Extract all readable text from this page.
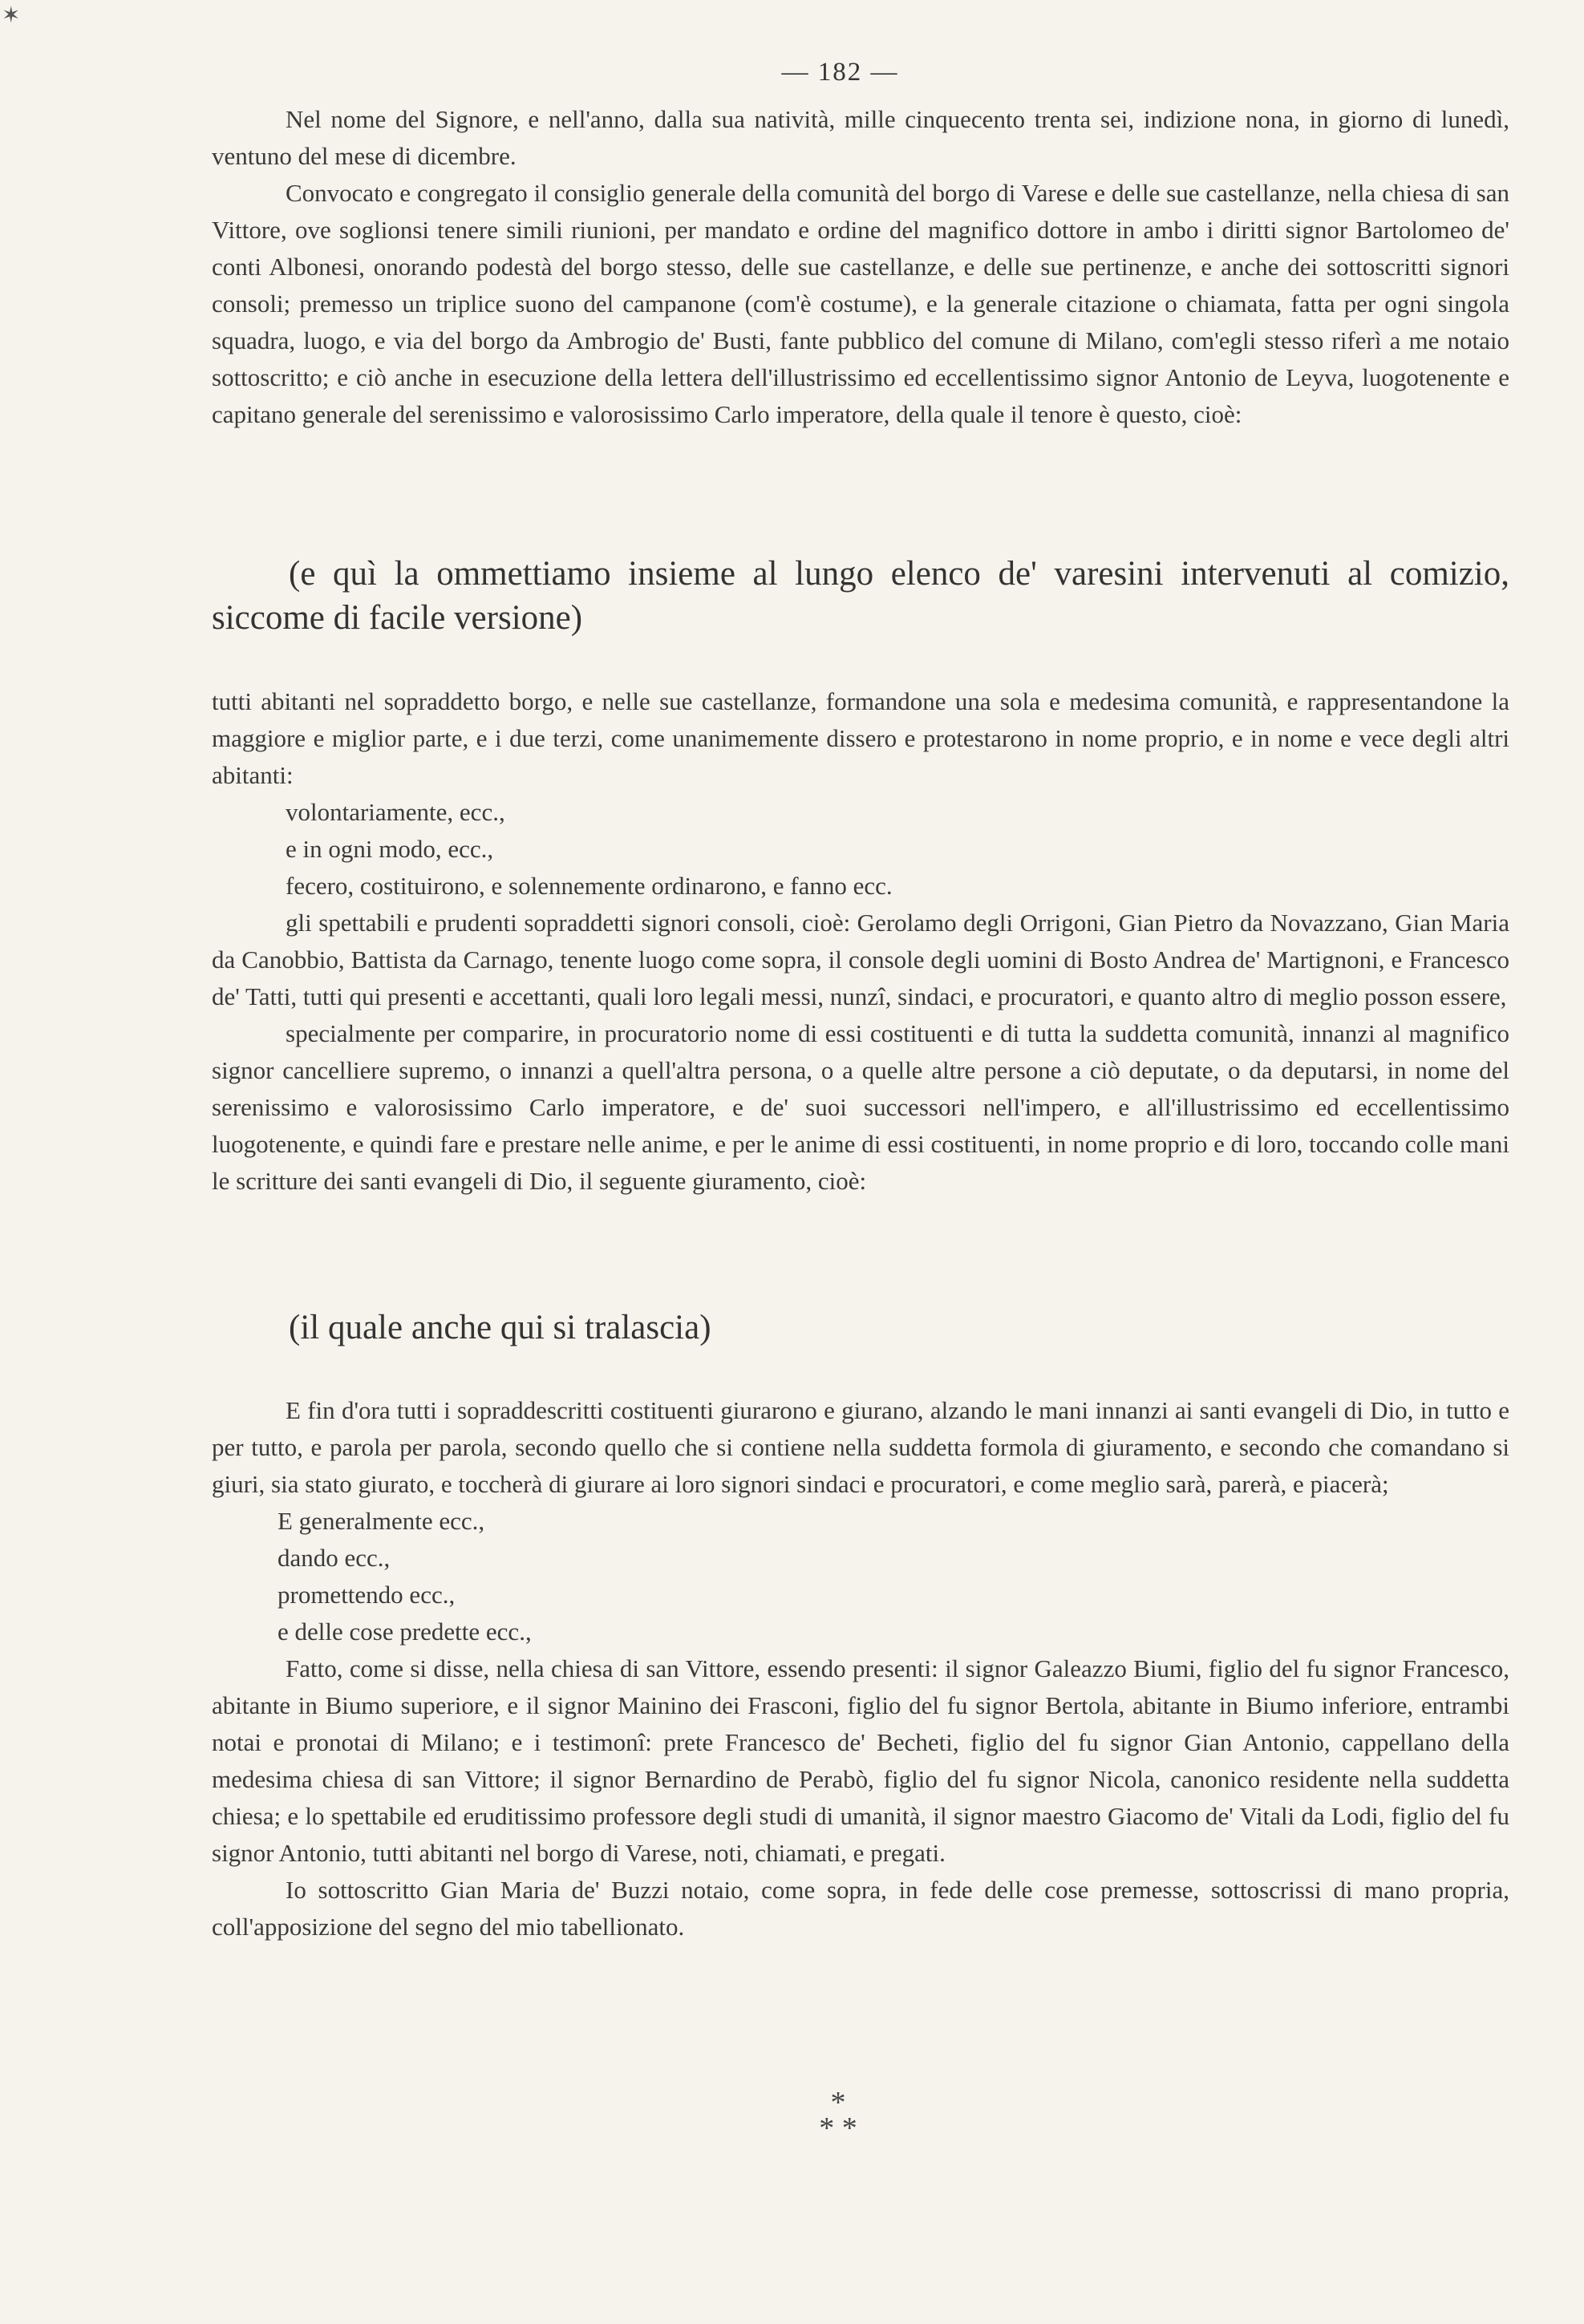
✶
— 182 —

Nel nome del Signore, e nell'anno, dalla sua natività, mille cinquecento trenta sei, indizione nona, in giorno di lunedì, ventuno del mese di dicembre.

Convocato e congregato il consiglio generale della comunità del borgo di Varese e delle sue castellanze, nella chiesa di san Vittore, ove soglionsi tenere simili riunioni, per mandato e ordine del magnifico dottore in ambo i diritti signor Bartolomeo de' conti Albonesi, onorando podestà del borgo stesso, delle sue castellanze, e delle sue pertinenze, e anche dei sottoscritti signori consoli; premesso un triplice suono del campanone (com'è costume), e la generale citazione o chiamata, fatta per ogni singola squadra, luogo, e via del borgo da Ambrogio de' Busti, fante pubblico del comune di Milano, com'egli stesso riferì a me notaio sottoscritto; e ciò anche in esecuzione della lettera dell'illustrissimo ed eccellentissimo signor Antonio de Leyva, luogotenente e capitano generale del serenissimo e valorosissimo Carlo imperatore, della quale il tenore è questo, cioè:

(e quì la ommettiamo insieme al lungo elenco de' varesini intervenuti al comizio, siccome di facile versione)

tutti abitanti nel sopraddetto borgo, e nelle sue castellanze, formandone una sola e medesima comunità, e rappresentandone la maggiore e miglior parte, e i due terzi, come unanimemente dissero e protestarono in nome proprio, e in nome e vece degli altri abitanti:

volontariamente, ecc.,

e in ogni modo, ecc.,

fecero, costituirono, e solennemente ordinarono, e fanno ecc.

gli spettabili e prudenti sopraddetti signori consoli, cioè: Gerolamo degli Orrigoni, Gian Pietro da Novazzano, Gian Maria da Canobbio, Battista da Carnago, tenente luogo come sopra, il console degli uomini di Bosto Andrea de' Martignoni, e Francesco de' Tatti, tutti qui presenti e accettanti, quali loro legali messi, nunzî, sindaci, e procuratori, e quanto altro di meglio posson essere,

specialmente per comparire, in procuratorio nome di essi costituenti e di tutta la suddetta comunità, innanzi al magnifico signor cancelliere supremo, o innanzi a quell'altra persona, o a quelle altre persone a ciò deputate, o da deputarsi, in nome del serenissimo e valorosissimo Carlo imperatore, e de' suoi successori nell'impero, e all'illustrissimo ed eccellentissimo luogotenente, e quindi fare e prestare nelle anime, e per le anime di essi costituenti, in nome proprio e di loro, toccando colle mani le scritture dei santi evangeli di Dio, il seguente giuramento, cioè:

(il quale anche qui si tralascia)

E fin d'ora tutti i sopraddescritti costituenti giurarono e giurano, alzando le mani innanzi ai santi evangeli di Dio, in tutto e per tutto, e parola per parola, secondo quello che si contiene nella suddetta formola di giuramento, e secondo che comandano si giuri, sia stato giurato, e toccherà di giurare ai loro signori sindaci e procuratori, e come meglio sarà, parerà, e piacerà;

E generalmente ecc.,

dando ecc.,

promettendo ecc.,

e delle cose predette ecc.,

Fatto, come si disse, nella chiesa di san Vittore, essendo presenti: il signor Galeazzo Biumi, figlio del fu signor Francesco, abitante in Biumo superiore, e il signor Mainino dei Frasconi, figlio del fu signor Bertola, abitante in Biumo inferiore, entrambi notai e pronotai di Milano; e i testimonî: prete Francesco de' Becheti, figlio del fu signor Gian Antonio, cappellano della medesima chiesa di san Vittore; il signor Bernardino de Perabò, figlio del fu signor Nicola, canonico residente nella suddetta chiesa; e lo spettabile ed eruditissimo professore degli studi di umanità, il signor maestro Giacomo de' Vitali da Lodi, figlio del fu signor Antonio, tutti abitanti nel borgo di Varese, noti, chiamati, e pregati.

Io sottoscritto Gian Maria de' Buzzi notaio, come sopra, in fede delle cose premesse, sottoscrissi di mano propria, coll'apposizione del segno del mio tabellionato.

*
* *
